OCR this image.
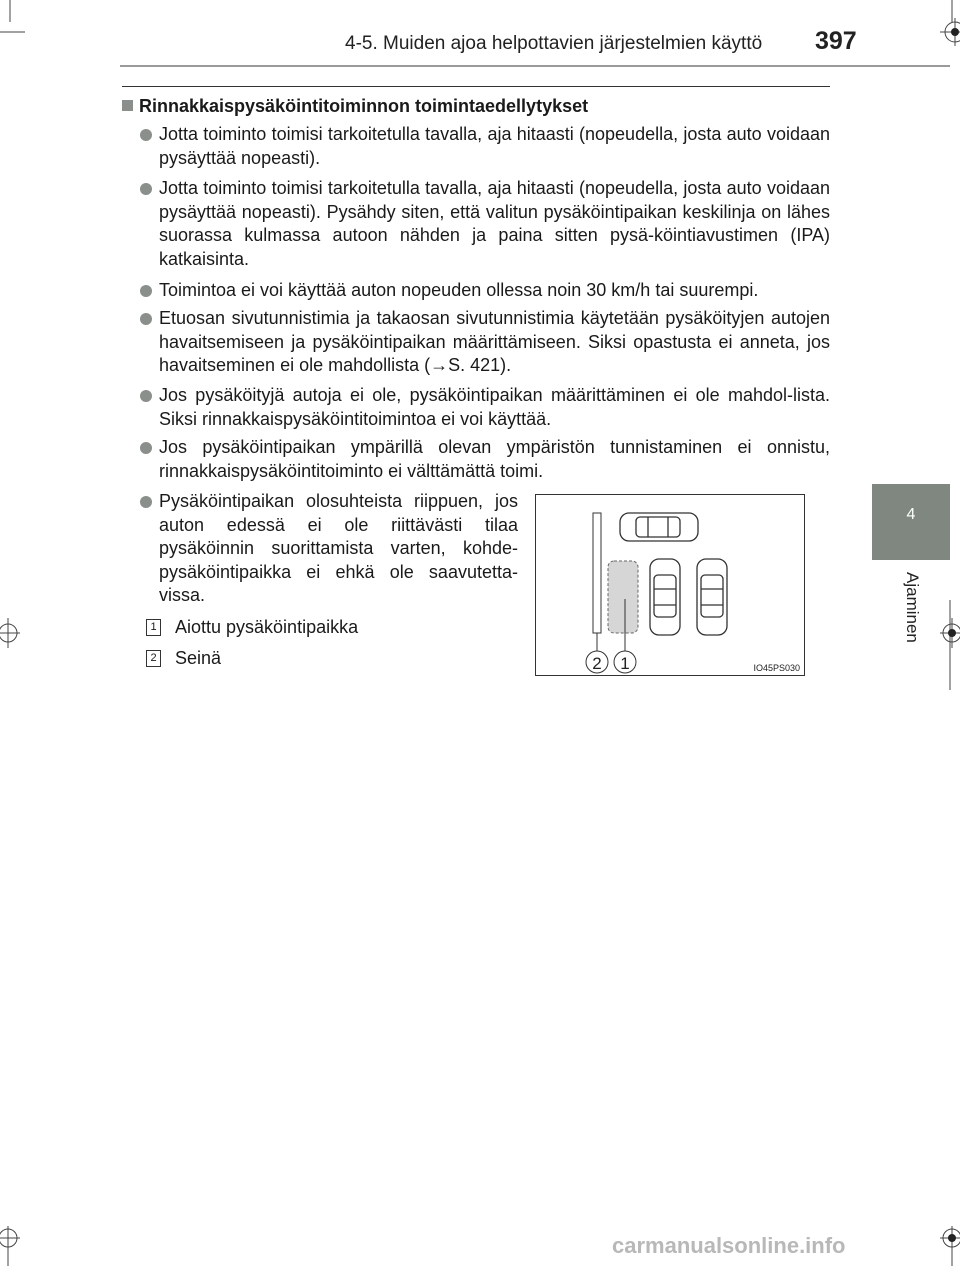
4-5. Muiden ajoa helpottavien järjestelmien käyttö 397
4
Ajaminen
Rinnakkaispysäköintitoiminnon toimintaedellytykset
Jotta toiminto toimisi tarkoitetulla tavalla, aja hitaasti (nopeudella, josta auto voidaan pysäyttää nopeasti).
Jotta toiminto toimisi tarkoitetulla tavalla, aja hitaasti (nopeudella, josta auto voidaan pysäyttää nopeasti). Pysähdy siten, että valitun pysäköintipaikan keskilinja on lähes suorassa kulmassa autoon nähden ja paina sitten pysä-köintiavustimen (IPA) katkaisinta.
Toimintoa ei voi käyttää auton nopeuden ollessa noin 30 km/h tai suurempi.
Etuosan sivutunnistimia ja takaosan sivutunnistimia käytetään pysäköityjen autojen havaitsemiseen ja pysäköintipaikan määrittämiseen. Siksi opastusta ei anneta, jos havaitseminen ei ole mahdollista (→S. 421).
Jos pysäköityjä autoja ei ole, pysäköintipaikan määrittäminen ei ole mahdol-lista. Siksi rinnakkaispysäköintitoimintoa ei voi käyttää.
Jos pysäköintipaikan ympärillä olevan ympäristön tunnistaminen ei onnistu, rinnakkaispysäköintitoiminto ei välttämättä toimi.
Pysäköintipaikan olosuhteista riippuen, jos auton edessä ei ole riittävästi tilaa pysäköinnin suorittamista varten, kohde-pysäköintipaikka ei ehkä ole saavutetta-vissa.
1 Aiottu pysäköintipaikka
2 Seinä	2 1	IO45PS030
carmanualsonline.info
